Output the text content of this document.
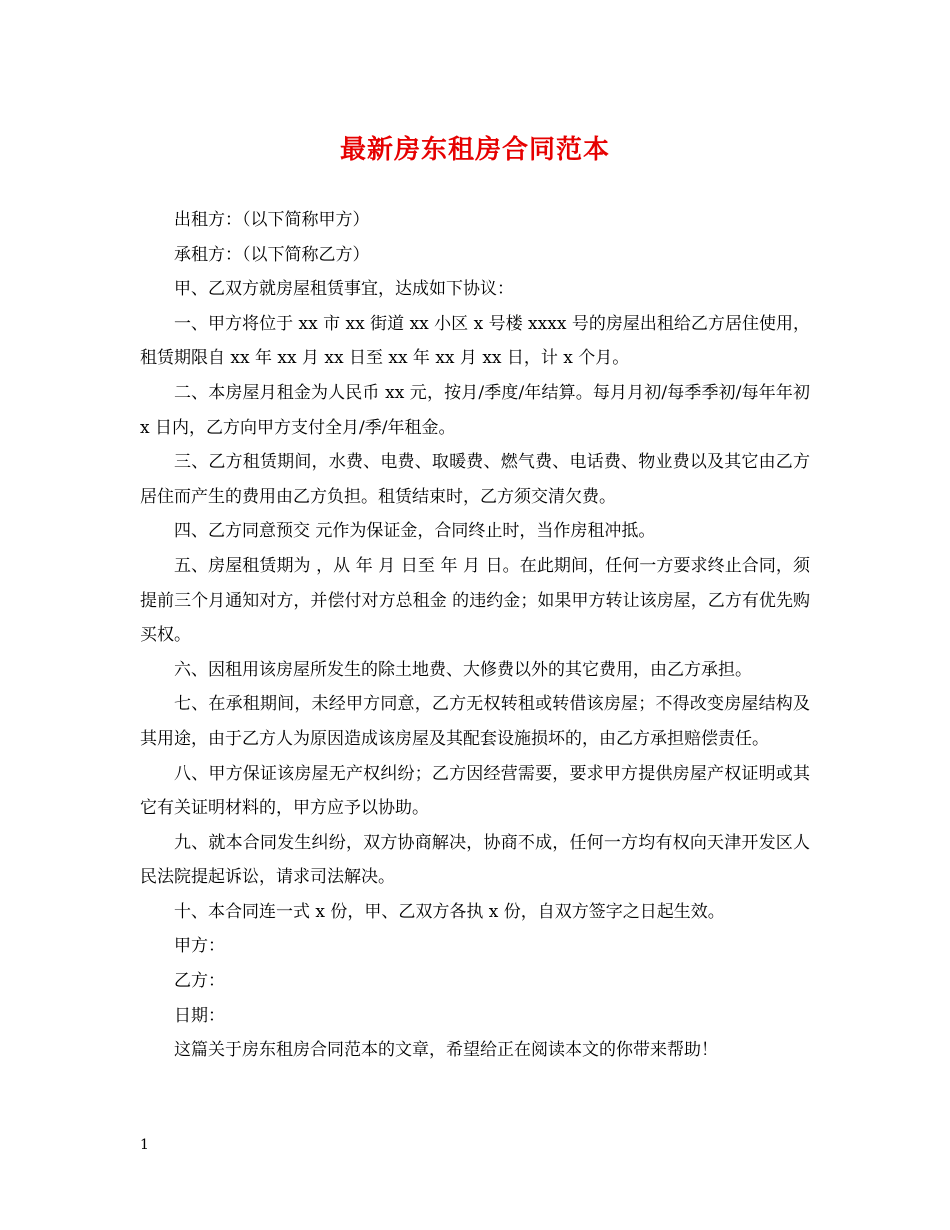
最新房东租房合同范本

出租方：（以下简称甲方）

承租方：（以下简称乙方）

甲、乙双方就房屋租赁事宜，达成如下协议：

一、甲方将位于 xx 市 xx 街道 xx 小区 x 号楼 xxxx 号的房屋出租给乙方居住使用，租赁期限自 xx 年 xx 月 xx 日至 xx 年 xx 月 xx 日，计 x 个月。

二、本房屋月租金为人民币 xx 元，按月/季度/年结算。每月月初/每季季初/每年年初 x 日内，乙方向甲方支付全月/季/年租金。

三、乙方租赁期间，水费、电费、取暖费、燃气费、电话费、物业费以及其它由乙方居住而产生的费用由乙方负担。租赁结束时，乙方须交清欠费。

四、乙方同意预交 元作为保证金，合同终止时，当作房租冲抵。

五、房屋租赁期为 ，从 年 月 日至 年 月 日。在此期间，任何一方要求终止合同，须提前三个月通知对方，并偿付对方总租金 的违约金；如果甲方转让该房屋，乙方有优先购买权。

六、因租用该房屋所发生的除土地费、大修费以外的其它费用，由乙方承担。

七、在承租期间，未经甲方同意，乙方无权转租或转借该房屋；不得改变房屋结构及其用途，由于乙方人为原因造成该房屋及其配套设施损坏的，由乙方承担赔偿责任。

八、甲方保证该房屋无产权纠纷；乙方因经营需要，要求甲方提供房屋产权证明或其它有关证明材料的，甲方应予以协助。

九、就本合同发生纠纷，双方协商解决，协商不成，任何一方均有权向天津开发区人民法院提起诉讼，请求司法解决。

十、本合同连一式 x 份，甲、乙双方各执 x 份，自双方签字之日起生效。

甲方：

乙方：

日期：

这篇关于房东租房合同范本的文章，希望给正在阅读本文的你带来帮助！

1
